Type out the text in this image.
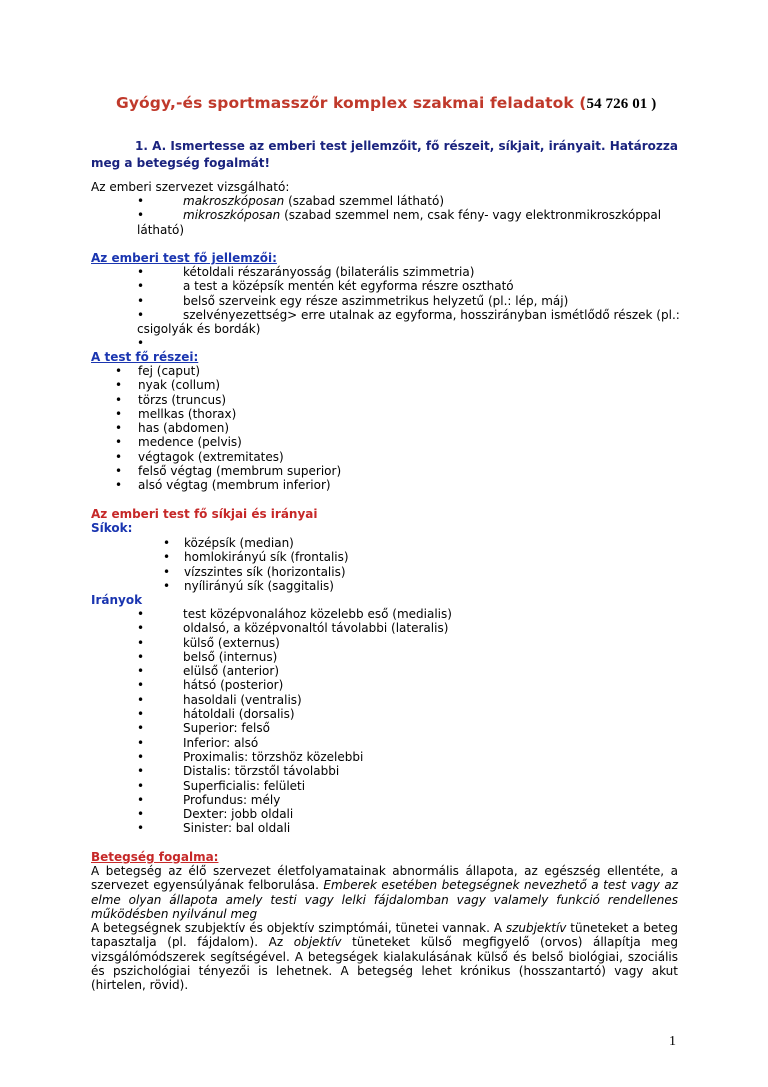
Gyógy,-és sportmasszőr komplex szakmai feladatok (54 726 01 )
1. A. Ismertesse az emberi test jellemzőit, fő részeit, síkjait, irányait. Határozza meg a betegség fogalmát!
Az emberi szervezet vizsgálható:
•	makroszkóposan (szabad szemmel látható)
•	mikroszkóposan (szabad szemmel nem, csak fény- vagy elektronmikroszkóppal
látható)
Az emberi test fő jellemzői:
•	kétoldali részarányosság (bilaterális szimmetria)
•	a test a középsík mentén két egyforma részre osztható
•	belső szerveink egy része aszimmetrikus helyzetű (pl.: lép, máj)
•	szelvényezettség> erre utalnak az egyforma, hosszirányban ismétlődő részek (pl.:
csigolyák és bordák)
•
A test fő részei:
• fej (caput)
• nyak (collum)
• törzs (truncus)
• mellkas (thorax)
• has (abdomen)
• medence (pelvis)
• végtagok (extremitates)
• felső végtag (membrum superior)
• alsó végtag (membrum inferior)
Az emberi test fő síkjai és irányai
Síkok:
• középsík (median)
• homlokirányú sík (frontalis)
• vízszintes sík (horizontalis)
• nyílirányú sík (saggitalis)
Irányok
•	test középvonalához közelebb eső (medialis)
•	oldalsó, a középvonaltól távolabbi (lateralis)
•	külső (externus)
•	belső (internus)
•	elülső (anterior)
•	hátsó (posterior)
•	hasoldali (ventralis)
•	hátoldali (dorsalis)
•	Superior: felső
•	Inferior: alsó
•	Proximalis: törzshöz közelebbi
•	Distalis: törzstől távolabbi
•	Superficialis: felületi
•	Profundus: mély
•	Dexter: jobb oldali
•	Sinister: bal oldali
Betegség fogalma:
A betegség az élő szervezet életfolyamatainak abnormális állapota, az egészség ellentéte, a szervezet egyensúlyának felborulása. Emberek esetében betegségnek nevezhető a test vagy az elme olyan állapota amely testi vagy lelki fájdalomban vagy valamely funkció rendellenes működésben nyilvánul meg
A betegségnek szubjektív és objektív szimptómái, tünetei vannak. A szubjektív tüneteket a beteg tapasztalja (pl. fájdalom). Az objektív tüneteket külső megfigyelő (orvos) állapítja meg vizsgálómódszerek segítségével. A betegségek kialakulásának külső és belső biológiai, szociális és pszichológiai tényezői is lehetnek. A betegség lehet krónikus (hosszantartó) vagy akut (hirtelen, rövid).
1
